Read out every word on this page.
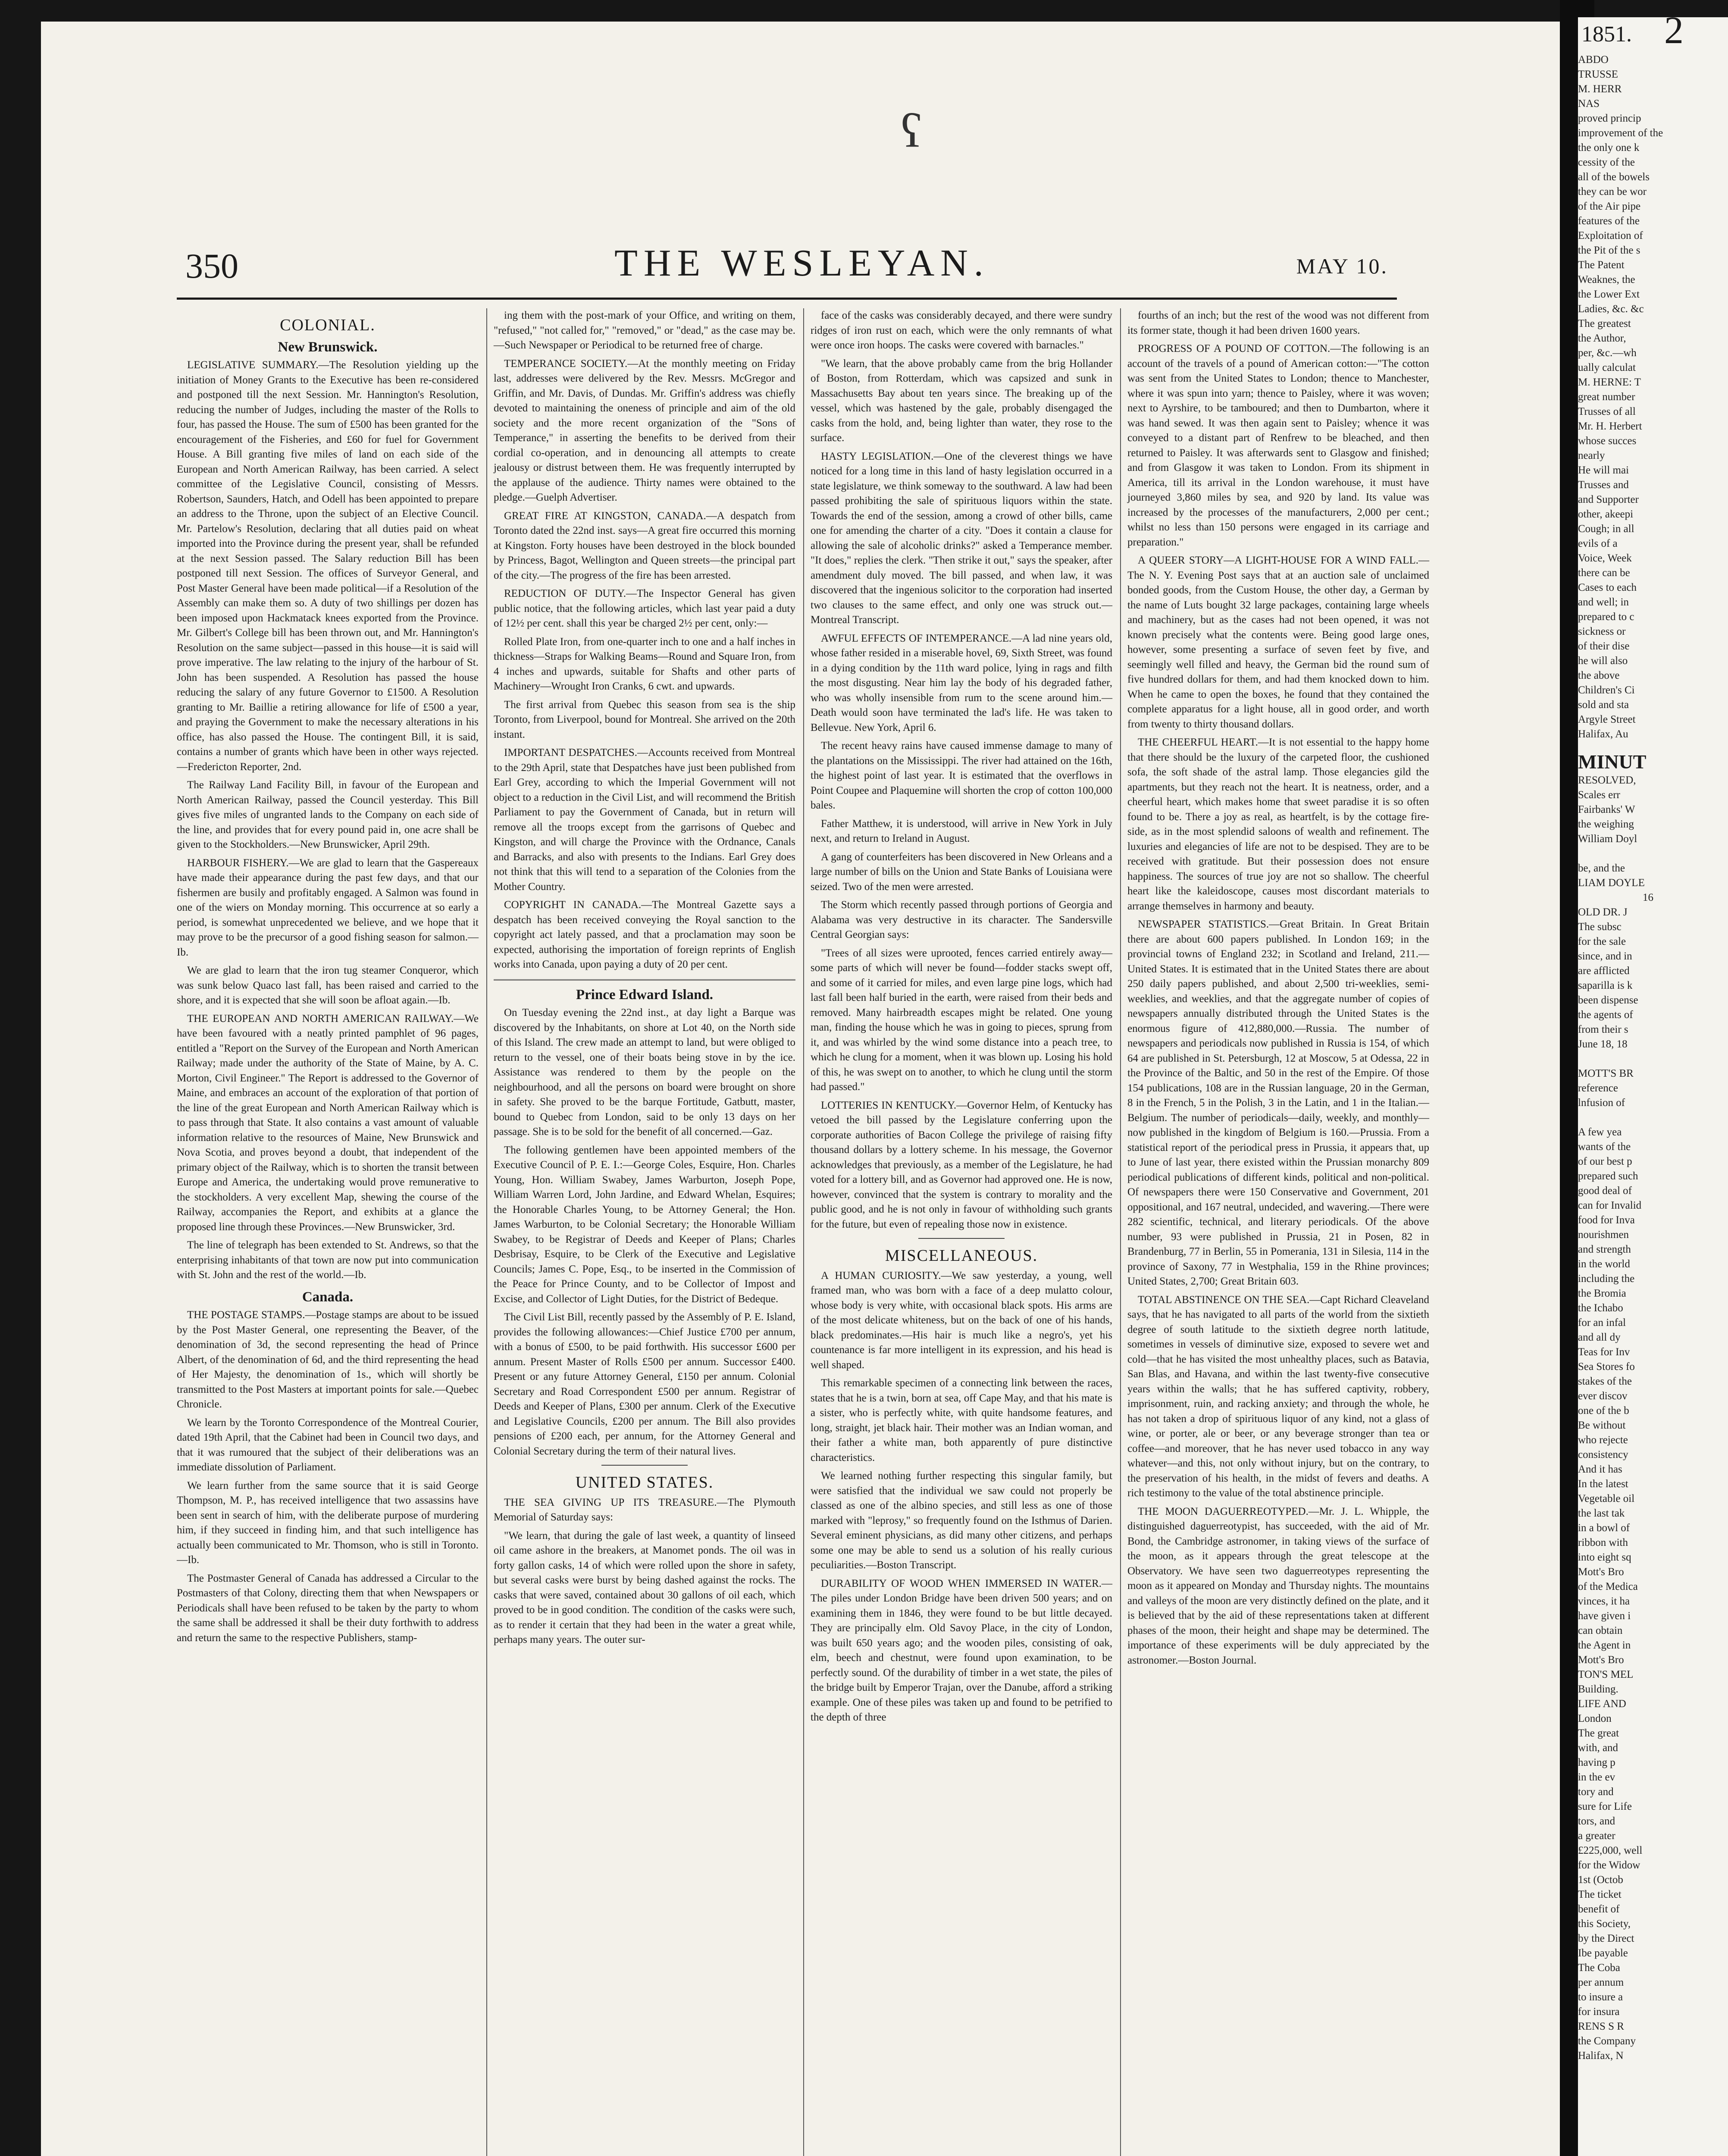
ʕ
350	THE WESLEYAN.	MAY 10.

COLONIAL.

New Brunswick.

LEGISLATIVE SUMMARY.—The Resolution yielding up the initiation of Money Grants to the Executive has been re-considered and postponed till the next Session. Mr. Hannington's Resolution, reducing the number of Judges, including the master of the Rolls to four, has passed the House. The sum of £500 has been granted for the encouragement of the Fisheries, and £60 for fuel for Government House. A Bill granting five miles of land on each side of the European and North American Railway, has been carried. A select committee of the Legislative Council, consisting of Messrs. Robertson, Saunders, Hatch, and Odell has been appointed to prepare an address to the Throne, upon the subject of an Elective Council. Mr. Partelow's Resolution, declaring that all duties paid on wheat imported into the Province during the present year, shall be refunded at the next Session passed. The Salary reduction Bill has been postponed till next Session. The offices of Surveyor General, and Post Master General have been made political—if a Resolution of the Assembly can make them so. A duty of two shillings per dozen has been imposed upon Hackmatack knees exported from the Province. Mr. Gilbert's College bill has been thrown out, and Mr. Hannington's Resolution on the same subject—passed in this house—it is said will prove imperative. The law relating to the injury of the harbour of St. John has been suspended. A Resolution has passed the house reducing the salary of any future Governor to £1500. A Resolution granting to Mr. Baillie a retiring allowance for life of £500 a year, and praying the Government to make the necessary alterations in his office, has also passed the House. The contingent Bill, it is said, contains a number of grants which have been in other ways rejected.—Fredericton Reporter, 2nd.

The Railway Land Facility Bill, in favour of the European and North American Railway, passed the Council yesterday. This Bill gives five miles of ungranted lands to the Company on each side of the line, and provides that for every pound paid in, one acre shall be given to the Stockholders.—New Brunswicker, April 29th.

HARBOUR FISHERY.—We are glad to learn that the Gaspereaux have made their appearance during the past few days, and that our fishermen are busily and profitably engaged. A Salmon was found in one of the wiers on Monday morning. This occurrence at so early a period, is somewhat unprecedented we believe, and we hope that it may prove to be the precursor of a good fishing season for salmon.—Ib.

We are glad to learn that the iron tug steamer Conqueror, which was sunk below Quaco last fall, has been raised and carried to the shore, and it is expected that she will soon be afloat again.—Ib.

THE EUROPEAN AND NORTH AMERICAN RAILWAY.—We have been favoured with a neatly printed pamphlet of 96 pages, entitled a "Report on the Survey of the European and North American Railway; made under the authority of the State of Maine, by A. C. Morton, Civil Engineer." The Report is addressed to the Governor of Maine, and embraces an account of the exploration of that portion of the line of the great European and North American Railway which is to pass through that State. It also contains a vast amount of valuable information relative to the resources of Maine, New Brunswick and Nova Scotia, and proves beyond a doubt, that independent of the primary object of the Railway, which is to shorten the transit between Europe and America, the undertaking would prove remunerative to the stockholders. A very excellent Map, shewing the course of the Railway, accompanies the Report, and exhibits at a glance the proposed line through these Provinces.—New Brunswicker, 3rd.

The line of telegraph has been extended to St. Andrews, so that the enterprising inhabitants of that town are now put into communication with St. John and the rest of the world.—Ib.

Canada.

THE POSTAGE STAMPS.—Postage stamps are about to be issued by the Post Master General, one representing the Beaver, of the denomination of 3d, the second representing the head of Prince Albert, of the denomination of 6d, and the third representing the head of Her Majesty, the denomination of 1s., which will shortly be transmitted to the Post Masters at important points for sale.—Quebec Chronicle.

We learn by the Toronto Correspondence of the Montreal Courier, dated 19th April, that the Cabinet had been in Council two days, and that it was rumoured that the subject of their deliberations was an immediate dissolution of Parliament.

We learn further from the same source that it is said George Thompson, M. P., has received intelligence that two assassins have been sent in search of him, with the deliberate purpose of murdering him, if they succeed in finding him, and that such intelligence has actually been communicated to Mr. Thomson, who is still in Toronto.—Ib.

The Postmaster General of Canada has addressed a Circular to the Postmasters of that Colony, directing them that when Newspapers or Periodicals shall have been refused to be taken by the party to whom the same shall be addressed it shall be their duty forthwith to address and return the same to the respective Publishers, stamp-

ing them with the post-mark of your Office, and writing on them, "refused," "not called for," "removed," or "dead," as the case may be.—Such Newspaper or Periodical to be returned free of charge.

TEMPERANCE SOCIETY.—At the monthly meeting on Friday last, addresses were delivered by the Rev. Messrs. McGregor and Griffin, and Mr. Davis, of Dundas. Mr. Griffin's address was chiefly devoted to maintaining the oneness of principle and aim of the old society and the more recent organization of the "Sons of Temperance," in asserting the benefits to be derived from their cordial co-operation, and in denouncing all attempts to create jealousy or distrust between them. He was frequently interrupted by the applause of the audience. Thirty names were obtained to the pledge.—Guelph Advertiser.

GREAT FIRE AT KINGSTON, CANADA.—A despatch from Toronto dated the 22nd inst. says—A great fire occurred this morning at Kingston. Forty houses have been destroyed in the block bounded by Princess, Bagot, Wellington and Queen streets—the principal part of the city.—The progress of the fire has been arrested.

REDUCTION OF DUTY.—The Inspector General has given public notice, that the following articles, which last year paid a duty of 12½ per cent. shall this year be charged 2½ per cent, only:—

Rolled Plate Iron, from one-quarter inch to one and a half inches in thickness—Straps for Walking Beams—Round and Square Iron, from 4 inches and upwards, suitable for Shafts and other parts of Machinery—Wrought Iron Cranks, 6 cwt. and upwards.

The first arrival from Quebec this season from sea is the ship Toronto, from Liverpool, bound for Montreal. She arrived on the 20th instant.

IMPORTANT DESPATCHES.—Accounts received from Montreal to the 29th April, state that Despatches have just been published from Earl Grey, according to which the Imperial Government will not object to a reduction in the Civil List, and will recommend the British Parliament to pay the Government of Canada, but in return will remove all the troops except from the garrisons of Quebec and Kingston, and will charge the Province with the Ordnance, Canals and Barracks, and also with presents to the Indians. Earl Grey does not think that this will tend to a separation of the Colonies from the Mother Country.

COPYRIGHT IN CANADA.—The Montreal Gazette says a despatch has been received conveying the Royal sanction to the copyright act lately passed, and that a proclamation may soon be expected, authorising the importation of foreign reprints of English works into Canada, upon paying a duty of 20 per cent.

Prince Edward Island.

On Tuesday evening the 22nd inst., at day light a Barque was discovered by the Inhabitants, on shore at Lot 40, on the North side of this Island. The crew made an attempt to land, but were obliged to return to the vessel, one of their boats being stove in by the ice. Assistance was rendered to them by the people on the neighbourhood, and all the persons on board were brought on shore in safety. She proved to be the barque Fortitude, Gatbutt, master, bound to Quebec from London, said to be only 13 days on her passage. She is to be sold for the benefit of all concerned.—Gaz.

The following gentlemen have been appointed members of the Executive Council of P. E. I.:—George Coles, Esquire, Hon. Charles Young, Hon. William Swabey, James Warburton, Joseph Pope, William Warren Lord, John Jardine, and Edward Whelan, Esquires; the Honorable Charles Young, to be Attorney General; the Hon. James Warburton, to be Colonial Secretary; the Honorable William Swabey, to be Registrar of Deeds and Keeper of Plans; Charles Desbrisay, Esquire, to be Clerk of the Executive and Legislative Councils; James C. Pope, Esq., to be inserted in the Commission of the Peace for Prince County, and to be Collector of Impost and Excise, and Collector of Light Duties, for the District of Bedeque.

The Civil List Bill, recently passed by the Assembly of P. E. Island, provides the following allowances:—Chief Justice £700 per annum, with a bonus of £500, to be paid forthwith. His successor £600 per annum. Present Master of Rolls £500 per annum. Successor £400. Present or any future Attorney General, £150 per annum. Colonial Secretary and Road Correspondent £500 per annum. Registrar of Deeds and Keeper of Plans, £300 per annum. Clerk of the Executive and Legislative Councils, £200 per annum. The Bill also provides pensions of £200 each, per annum, for the Attorney General and Colonial Secretary during the term of their natural lives.

UNITED STATES.

THE SEA GIVING UP ITS TREASURE.—The Plymouth Memorial of Saturday says:

"We learn, that during the gale of last week, a quantity of linseed oil came ashore in the breakers, at Manomet ponds. The oil was in forty gallon casks, 14 of which were rolled upon the shore in safety, but several casks were burst by being dashed against the rocks. The casks that were saved, contained about 30 gallons of oil each, which proved to be in good condition. The condition of the casks were such, as to render it certain that they had been in the water a great while, perhaps many years. The outer sur-

face of the casks was considerably decayed, and there were sundry ridges of iron rust on each, which were the only remnants of what were once iron hoops. The casks were covered with barnacles."

"We learn, that the above probably came from the brig Hollander of Boston, from Rotterdam, which was capsized and sunk in Massachusetts Bay about ten years since. The breaking up of the vessel, which was hastened by the gale, probably disengaged the casks from the hold, and, being lighter than water, they rose to the surface.

HASTY LEGISLATION.—One of the cleverest things we have noticed for a long time in this land of hasty legislation occurred in a state legislature, we think someway to the southward. A law had been passed prohibiting the sale of spirituous liquors within the state. Towards the end of the session, among a crowd of other bills, came one for amending the charter of a city. "Does it contain a clause for allowing the sale of alcoholic drinks?" asked a Temperance member. "It does," replies the clerk. "Then strike it out," says the speaker, after amendment duly moved. The bill passed, and when law, it was discovered that the ingenious solicitor to the corporation had inserted two clauses to the same effect, and only one was struck out.—Montreal Transcript.

AWFUL EFFECTS OF INTEMPERANCE.—A lad nine years old, whose father resided in a miserable hovel, 69, Sixth Street, was found in a dying condition by the 11th ward police, lying in rags and filth the most disgusting. Near him lay the body of his degraded father, who was wholly insensible from rum to the scene around him.—Death would soon have terminated the lad's life. He was taken to Bellevue. New York, April 6.

The recent heavy rains have caused immense damage to many of the plantations on the Mississippi. The river had attained on the 16th, the highest point of last year. It is estimated that the overflows in Point Coupee and Plaquemine will shorten the crop of cotton 100,000 bales.

Father Matthew, it is understood, will arrive in New York in July next, and return to Ireland in August.

A gang of counterfeiters has been discovered in New Orleans and a large number of bills on the Union and State Banks of Louisiana were seized. Two of the men were arrested.

The Storm which recently passed through portions of Georgia and Alabama was very destructive in its character. The Sandersville Central Georgian says:

"Trees of all sizes were uprooted, fences carried entirely away—some parts of which will never be found—fodder stacks swept off, and some of it carried for miles, and even large pine logs, which had last fall been half buried in the earth, were raised from their beds and removed. Many hairbreadth escapes might be related. One young man, finding the house which he was in going to pieces, sprung from it, and was whirled by the wind some distance into a peach tree, to which he clung for a moment, when it was blown up. Losing his hold of this, he was swept on to another, to which he clung until the storm had passed."

LOTTERIES IN KENTUCKY.—Governor Helm, of Kentucky has vetoed the bill passed by the Legislature conferring upon the corporate authorities of Bacon College the privilege of raising fifty thousand dollars by a lottery scheme. In his message, the Governor acknowledges that previously, as a member of the Legislature, he had voted for a lottery bill, and as Governor had approved one. He is now, however, convinced that the system is contrary to morality and the public good, and he is not only in favour of withholding such grants for the future, but even of repealing those now in existence.

MISCELLANEOUS.

A HUMAN CURIOSITY.—We saw yesterday, a young, well framed man, who was born with a face of a deep mulatto colour, whose body is very white, with occasional black spots. His arms are of the most delicate whiteness, but on the back of one of his hands, black predominates.—His hair is much like a negro's, yet his countenance is far more intelligent in its expression, and his head is well shaped.

This remarkable specimen of a connecting link between the races, states that he is a twin, born at sea, off Cape May, and that his mate is a sister, who is perfectly white, with quite handsome features, and long, straight, jet black hair. Their mother was an Indian woman, and their father a white man, both apparently of pure distinctive characteristics.

We learned nothing further respecting this singular family, but were satisfied that the individual we saw could not properly be classed as one of the albino species, and still less as one of those marked with "leprosy," so frequently found on the Isthmus of Darien. Several eminent physicians, as did many other citizens, and perhaps some one may be able to send us a solution of his really curious peculiarities.—Boston Transcript.

DURABILITY OF WOOD WHEN IMMERSED IN WATER.—The piles under London Bridge have been driven 500 years; and on examining them in 1846, they were found to be but little decayed. They are principally elm. Old Savoy Place, in the city of London, was built 650 years ago; and the wooden piles, consisting of oak, elm, beech and chestnut, were found upon examination, to be perfectly sound. Of the durability of timber in a wet state, the piles of the bridge built by Emperor Trajan, over the Danube, afford a striking example. One of these piles was taken up and found to be petrified to the depth of three

fourths of an inch; but the rest of the wood was not different from its former state, though it had been driven 1600 years.

PROGRESS OF A POUND OF COTTON.—The following is an account of the travels of a pound of American cotton:—"The cotton was sent from the United States to London; thence to Manchester, where it was spun into yarn; thence to Paisley, where it was woven; next to Ayrshire, to be tamboured; and then to Dumbarton, where it was hand sewed. It was then again sent to Paisley; whence it was conveyed to a distant part of Renfrew to be bleached, and then returned to Paisley. It was afterwards sent to Glasgow and finished; and from Glasgow it was taken to London. From its shipment in America, till its arrival in the London warehouse, it must have journeyed 3,860 miles by sea, and 920 by land. Its value was increased by the processes of the manufacturers, 2,000 per cent.; whilst no less than 150 persons were engaged in its carriage and preparation."

A QUEER STORY—A LIGHT-HOUSE FOR A WIND FALL.—The N. Y. Evening Post says that at an auction sale of unclaimed bonded goods, from the Custom House, the other day, a German by the name of Luts bought 32 large packages, containing large wheels and machinery, but as the cases had not been opened, it was not known precisely what the contents were. Being good large ones, however, some presenting a surface of seven feet by five, and seemingly well filled and heavy, the German bid the round sum of five hundred dollars for them, and had them knocked down to him. When he came to open the boxes, he found that they contained the complete apparatus for a light house, all in good order, and worth from twenty to thirty thousand dollars.

THE CHEERFUL HEART.—It is not essential to the happy home that there should be the luxury of the carpeted floor, the cushioned sofa, the soft shade of the astral lamp. Those elegancies gild the apartments, but they reach not the heart. It is neatness, order, and a cheerful heart, which makes home that sweet paradise it is so often found to be. There a joy as real, as heartfelt, is by the cottage fire-side, as in the most splendid saloons of wealth and refinement. The luxuries and elegancies of life are not to be despised. They are to be received with gratitude. But their possession does not ensure happiness. The sources of true joy are not so shallow. The cheerful heart like the kaleidoscope, causes most discordant materials to arrange themselves in harmony and beauty.

NEWSPAPER STATISTICS.—Great Britain. In Great Britain there are about 600 papers published. In London 169; in the provincial towns of England 232; in Scotland and Ireland, 211.—United States. It is estimated that in the United States there are about 250 daily papers published, and about 2,500 tri-weeklies, semi-weeklies, and weeklies, and that the aggregate number of copies of newspapers annually distributed through the United States is the enormous figure of 412,880,000.—Russia. The number of newspapers and periodicals now published in Russia is 154, of which 64 are published in St. Petersburgh, 12 at Moscow, 5 at Odessa, 22 in the Province of the Baltic, and 50 in the rest of the Empire. Of those 154 publications, 108 are in the Russian language, 20 in the German, 8 in the French, 5 in the Polish, 3 in the Latin, and 1 in the Italian.—Belgium. The number of periodicals—daily, weekly, and monthly—now published in the kingdom of Belgium is 160.—Prussia. From a statistical report of the periodical press in Prussia, it appears that, up to June of last year, there existed within the Prussian monarchy 809 periodical publications of different kinds, political and non-political. Of newspapers there were 150 Conservative and Government, 201 oppositional, and 167 neutral, undecided, and wavering.—There were 282 scientific, technical, and literary periodicals. Of the above number, 93 were published in Prussia, 21 in Posen, 82 in Brandenburg, 77 in Berlin, 55 in Pomerania, 131 in Silesia, 114 in the province of Saxony, 77 in Westphalia, 159 in the Rhine provinces; United States, 2,700; Great Britain 603.

TOTAL ABSTINENCE ON THE SEA.—Capt Richard Cleaveland says, that he has navigated to all parts of the world from the sixtieth degree of south latitude to the sixtieth degree north latitude, sometimes in vessels of diminutive size, exposed to severe wet and cold—that he has visited the most unhealthy places, such as Batavia, San Blas, and Havana, and within the last twenty-five consecutive years within the walls; that he has suffered captivity, robbery, imprisonment, ruin, and racking anxiety; and through the whole, he has not taken a drop of spirituous liquor of any kind, not a glass of wine, or porter, ale or beer, or any beverage stronger than tea or coffee—and moreover, that he has never used tobacco in any way whatever—and this, not only without injury, but on the contrary, to the preservation of his health, in the midst of fevers and deaths. A rich testimony to the value of the total abstinence principle.

THE MOON DAGUERREOTYPED.—Mr. J. L. Whipple, the distinguished daguerreotypist, has succeeded, with the aid of Mr. Bond, the Cambridge astronomer, in taking views of the surface of the moon, as it appears through the great telescope at the Observatory. We have seen two daguerreotypes representing the moon as it appeared on Monday and Thursday nights. The mountains and valleys of the moon are very distinctly defined on the plate, and it is believed that by the aid of these representations taken at different phases of the moon, their height and shape may be determined. The importance of these experiments will be duly appreciated by the astronomer.—Boston Journal.

1851. 2
ABDO
TRUSSE
M. HERR
NAS
proved princip
improvement of the
the only one k
cessity of the
all of the bowels
they can be wor
of the Air pipe
features of the
Exploitation of
the Pit of the s
The Patent
Weaknes, the
the Lower Ext
Ladies, &c. &c
The greatest
the Author,
per, &c.—wh
ually calculat
M. HERNE: T
great number
Trusses of all
Mr. H. Herbert
whose succes
nearly
He will mai
Trusses and
and Supporter
other, akeepi
Cough; in all
evils of a
Voice, Week
there can be
Cases to each
and well; in
prepared to c
sickness or
of their dise
he will also
the above
Children's Ci
sold and sta
Argyle Street
Halifax, Au
MINUT
RESOLVED,
Scales err
Fairbanks' W
the weighing
William Doyl

be, and the
LIAM DOYLE
16
OLD DR. J
The subsc
for the sale
since, and in
are afflicted
saparilla is k
been dispense
the agents of
from their s
June 18, 18

MOTT'S BR
reference
lnfusion of

A few yea
wants of the
of our best p
prepared such
good deal of
can for Invalid
food for Inva
nourishmen
and strength
in the world
including the
the Bromia
the Ichabo
for an infal
and all dy
Teas for Inv
Sea Stores fo
stakes of the
ever discov
one of the b
Be without
who rejecte
consistency
And it has
In the latest
Vegetable oil
the last tak
in a bowl of
ribbon with
into eight sq
Mott's Bro
of the Medica
vinces, it ha
have given i
can obtain
the Agent in
Mott's Bro
TON'S MEL
Building.
LIFE AND
London
The great
with, and
having p
in the ev
tory and
sure for Life
tors, and
a greater
£225,000, well
for the Widow
1st (Octob
The ticket
benefit of
this Society,
by the Direct
Ibe payable
The Coba
per annum
to insure a
for insura
RENS S R
the Company
Halifax, N
